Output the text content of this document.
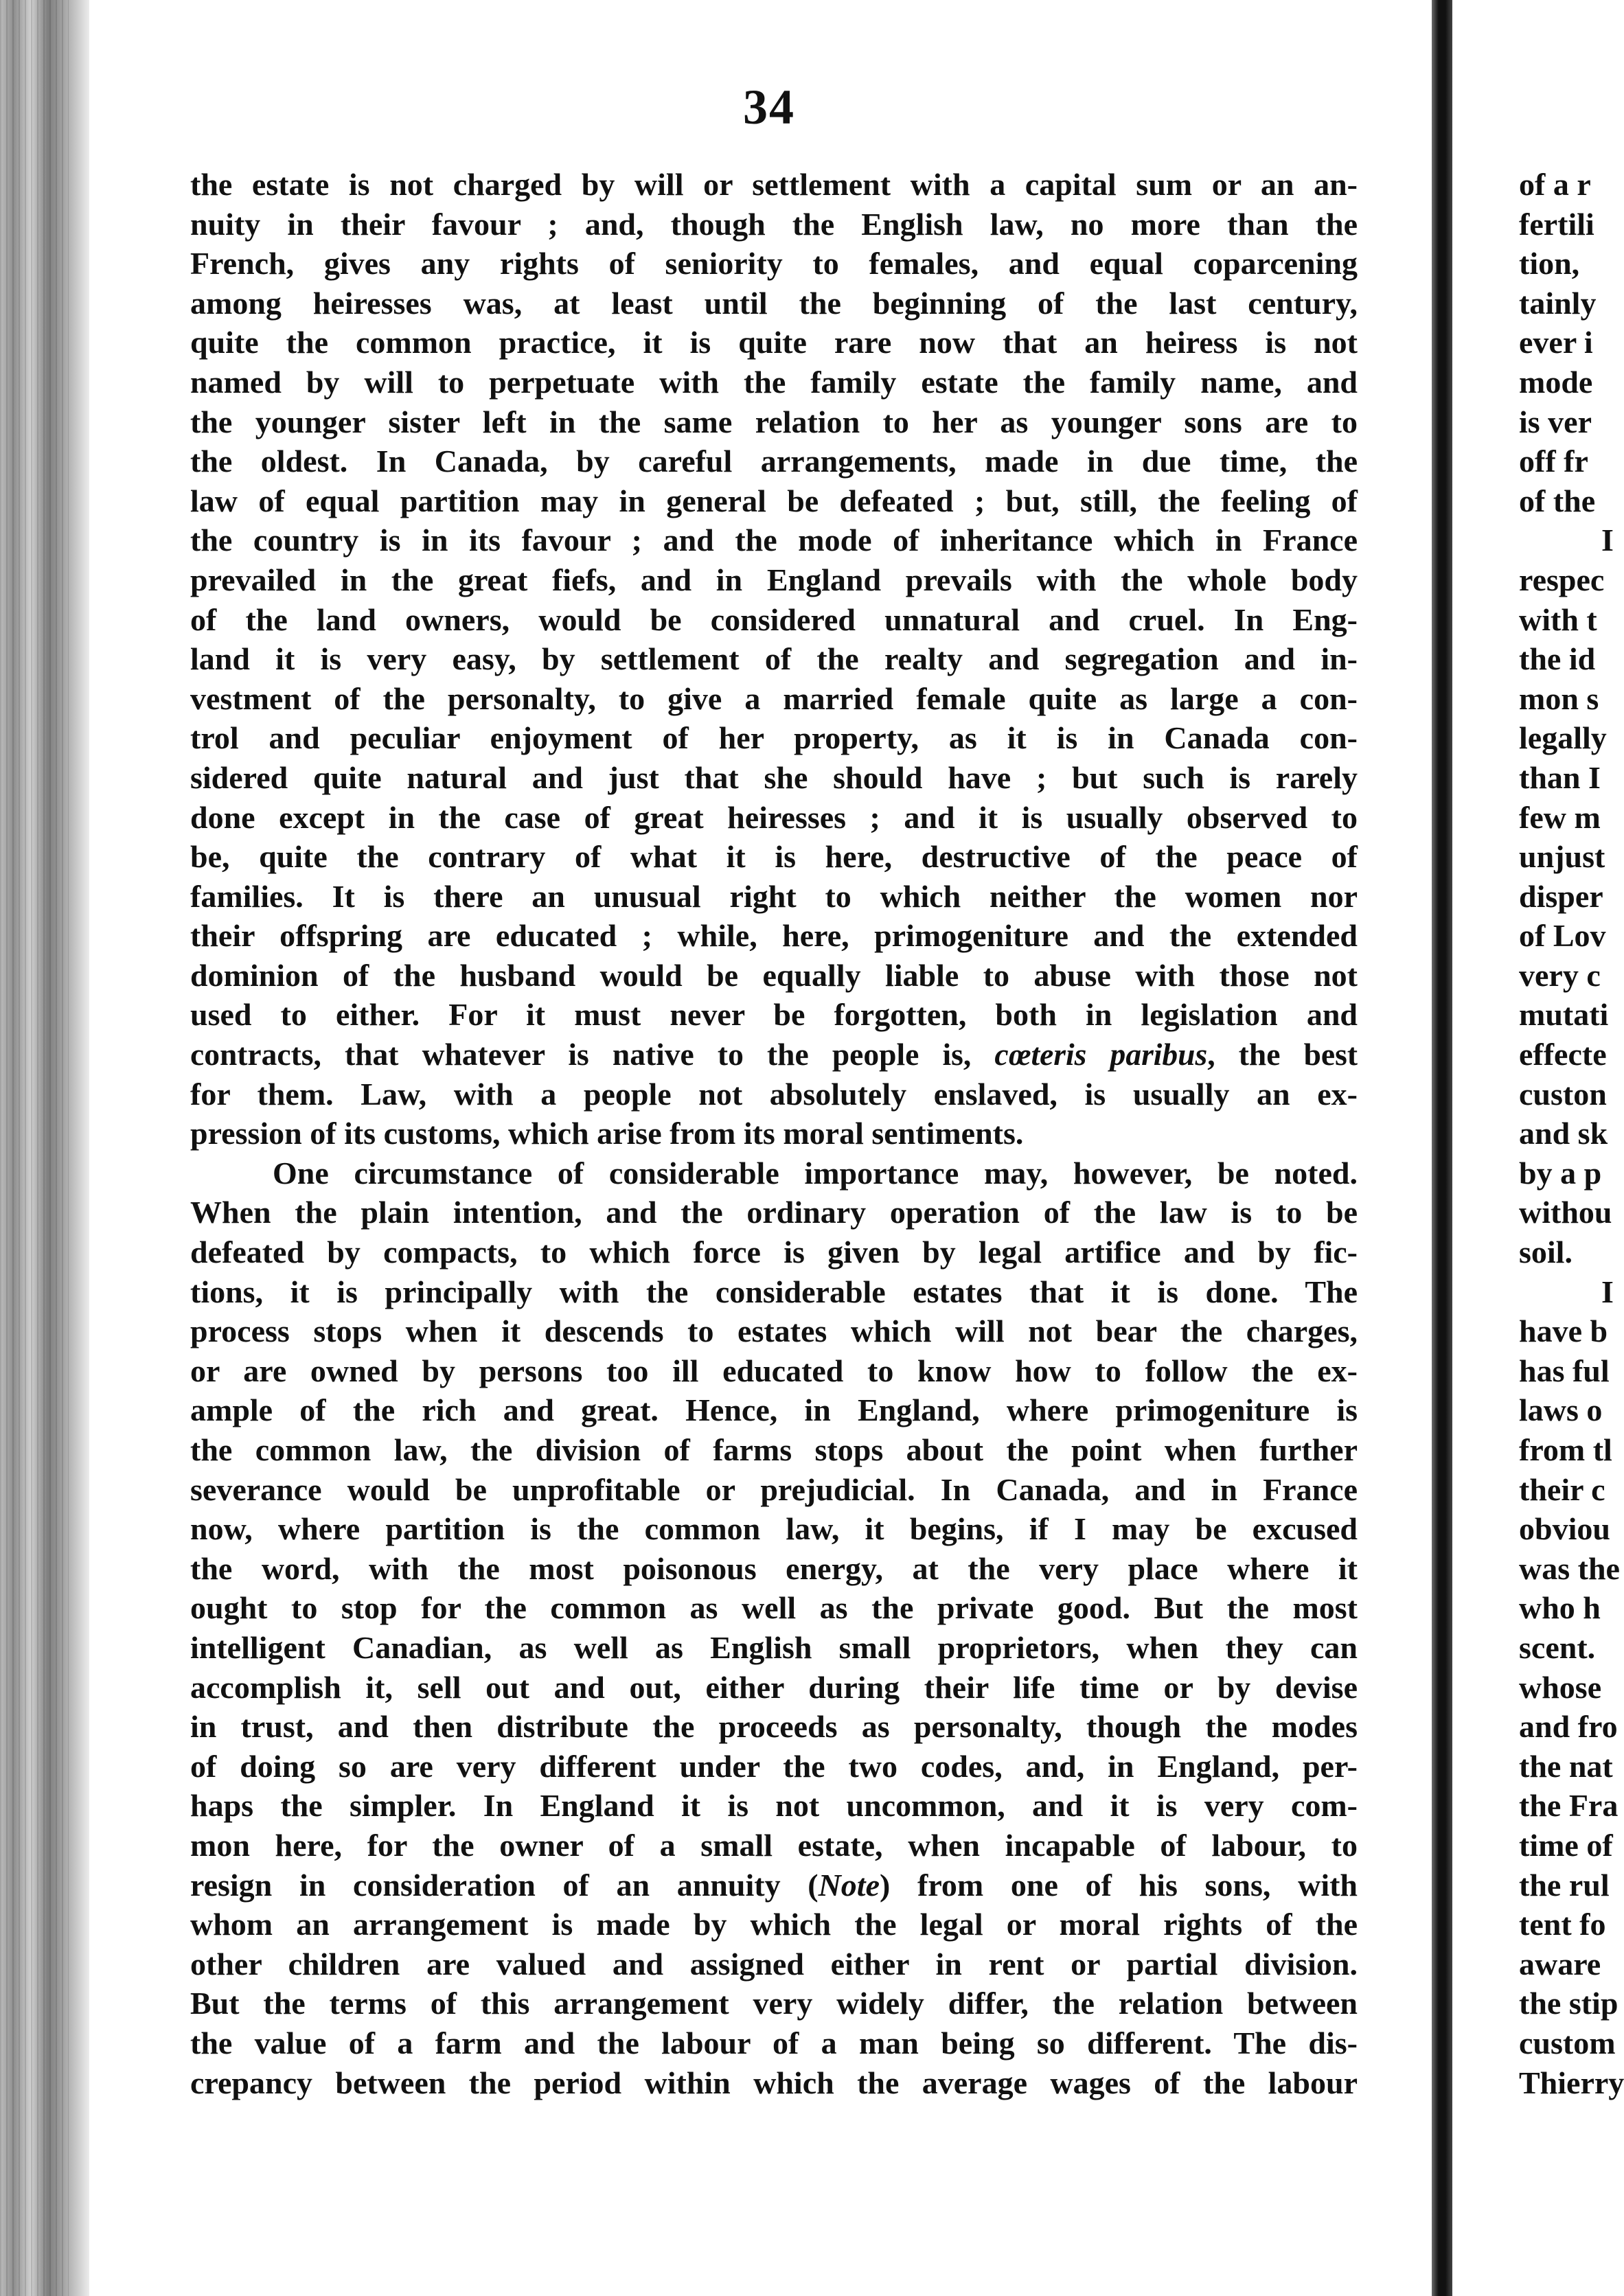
34
the estate is not charged by will or settlement with a capital sum or an an-
nuity in their favour ; and, though the English law, no more than the
French, gives any rights of seniority to females, and equal coparcening
among heiresses was, at least until the beginning of the last century,
quite the common practice, it is quite rare now that an heiress is not
named by will to perpetuate with the family estate the family name, and
the younger sister left in the same relation to her as younger sons are to
the oldest. In Canada, by careful arrangements, made in due time, the
law of equal partition may in general be defeated ; but, still, the feeling of
the country is in its favour ; and the mode of inheritance which in France
prevailed in the great fiefs, and in England prevails with the whole body
of the land owners, would be considered unnatural and cruel. In Eng-
land it is very easy, by settlement of the realty and segregation and in-
vestment of the personalty, to give a married female quite as large a con-
trol and peculiar enjoyment of her property, as it is in Canada con-
sidered quite natural and just that she should have ; but such is rarely
done except in the case of great heiresses ; and it is usually observed to
be, quite the contrary of what it is here, destructive of the peace of
families. It is there an unusual right to which neither the women nor
their offspring are educated ; while, here, primogeniture and the extended
dominion of the husband would be equally liable to abuse with those not
used to either. For it must never be forgotten, both in legislation and
contracts, that whatever is native to the people is, cœteris paribus, the best
for them. Law, with a people not absolutely enslaved, is usually an ex-
pression of its customs, which arise from its moral sentiments.
One circumstance of considerable importance may, however, be noted.
When the plain intention, and the ordinary operation of the law is to be
defeated by compacts, to which force is given by legal artifice and by fic-
tions, it is principally with the considerable estates that it is done. The
process stops when it descends to estates which will not bear the charges,
or are owned by persons too ill educated to know how to follow the ex-
ample of the rich and great. Hence, in England, where primogeniture is
the common law, the division of farms stops about the point when further
severance would be unprofitable or prejudicial. In Canada, and in France
now, where partition is the common law, it begins, if I may be excused
the word, with the most poisonous energy, at the very place where it
ought to stop for the common as well as the private good. But the most
intelligent Canadian, as well as English small proprietors, when they can
accomplish it, sell out and out, either during their life time or by devise
in trust, and then distribute the proceeds as personalty, though the modes
of doing so are very different under the two codes, and, in England, per-
haps the simpler. In England it is not uncommon, and it is very com-
mon here, for the owner of a small estate, when incapable of labour, to
resign in consideration of an annuity (Note) from one of his sons, with
whom an arrangement is made by which the legal or moral rights of the
other children are valued and assigned either in rent or partial division.
But the terms of this arrangement very widely differ, the relation between
the value of a farm and the labour of a man being so different. The dis-
crepancy between the period within which the average wages of the labour
of a r
fertili
tion,
tainly
ever i
mode
is ver
off fr
of the
I
respec
with t
the id
mon s
legally
than I
few m
unjust
disper
of Lov
very c
mutati
effecte
custon
and sk
by a p
withou
soil.
I
have b
has ful
laws o
from tl
their c
obviou
was the
who h
scent.
whose
and fro
the nat
the Fra
time of
the rul
tent fo
aware
the stip
custom
Thierry
